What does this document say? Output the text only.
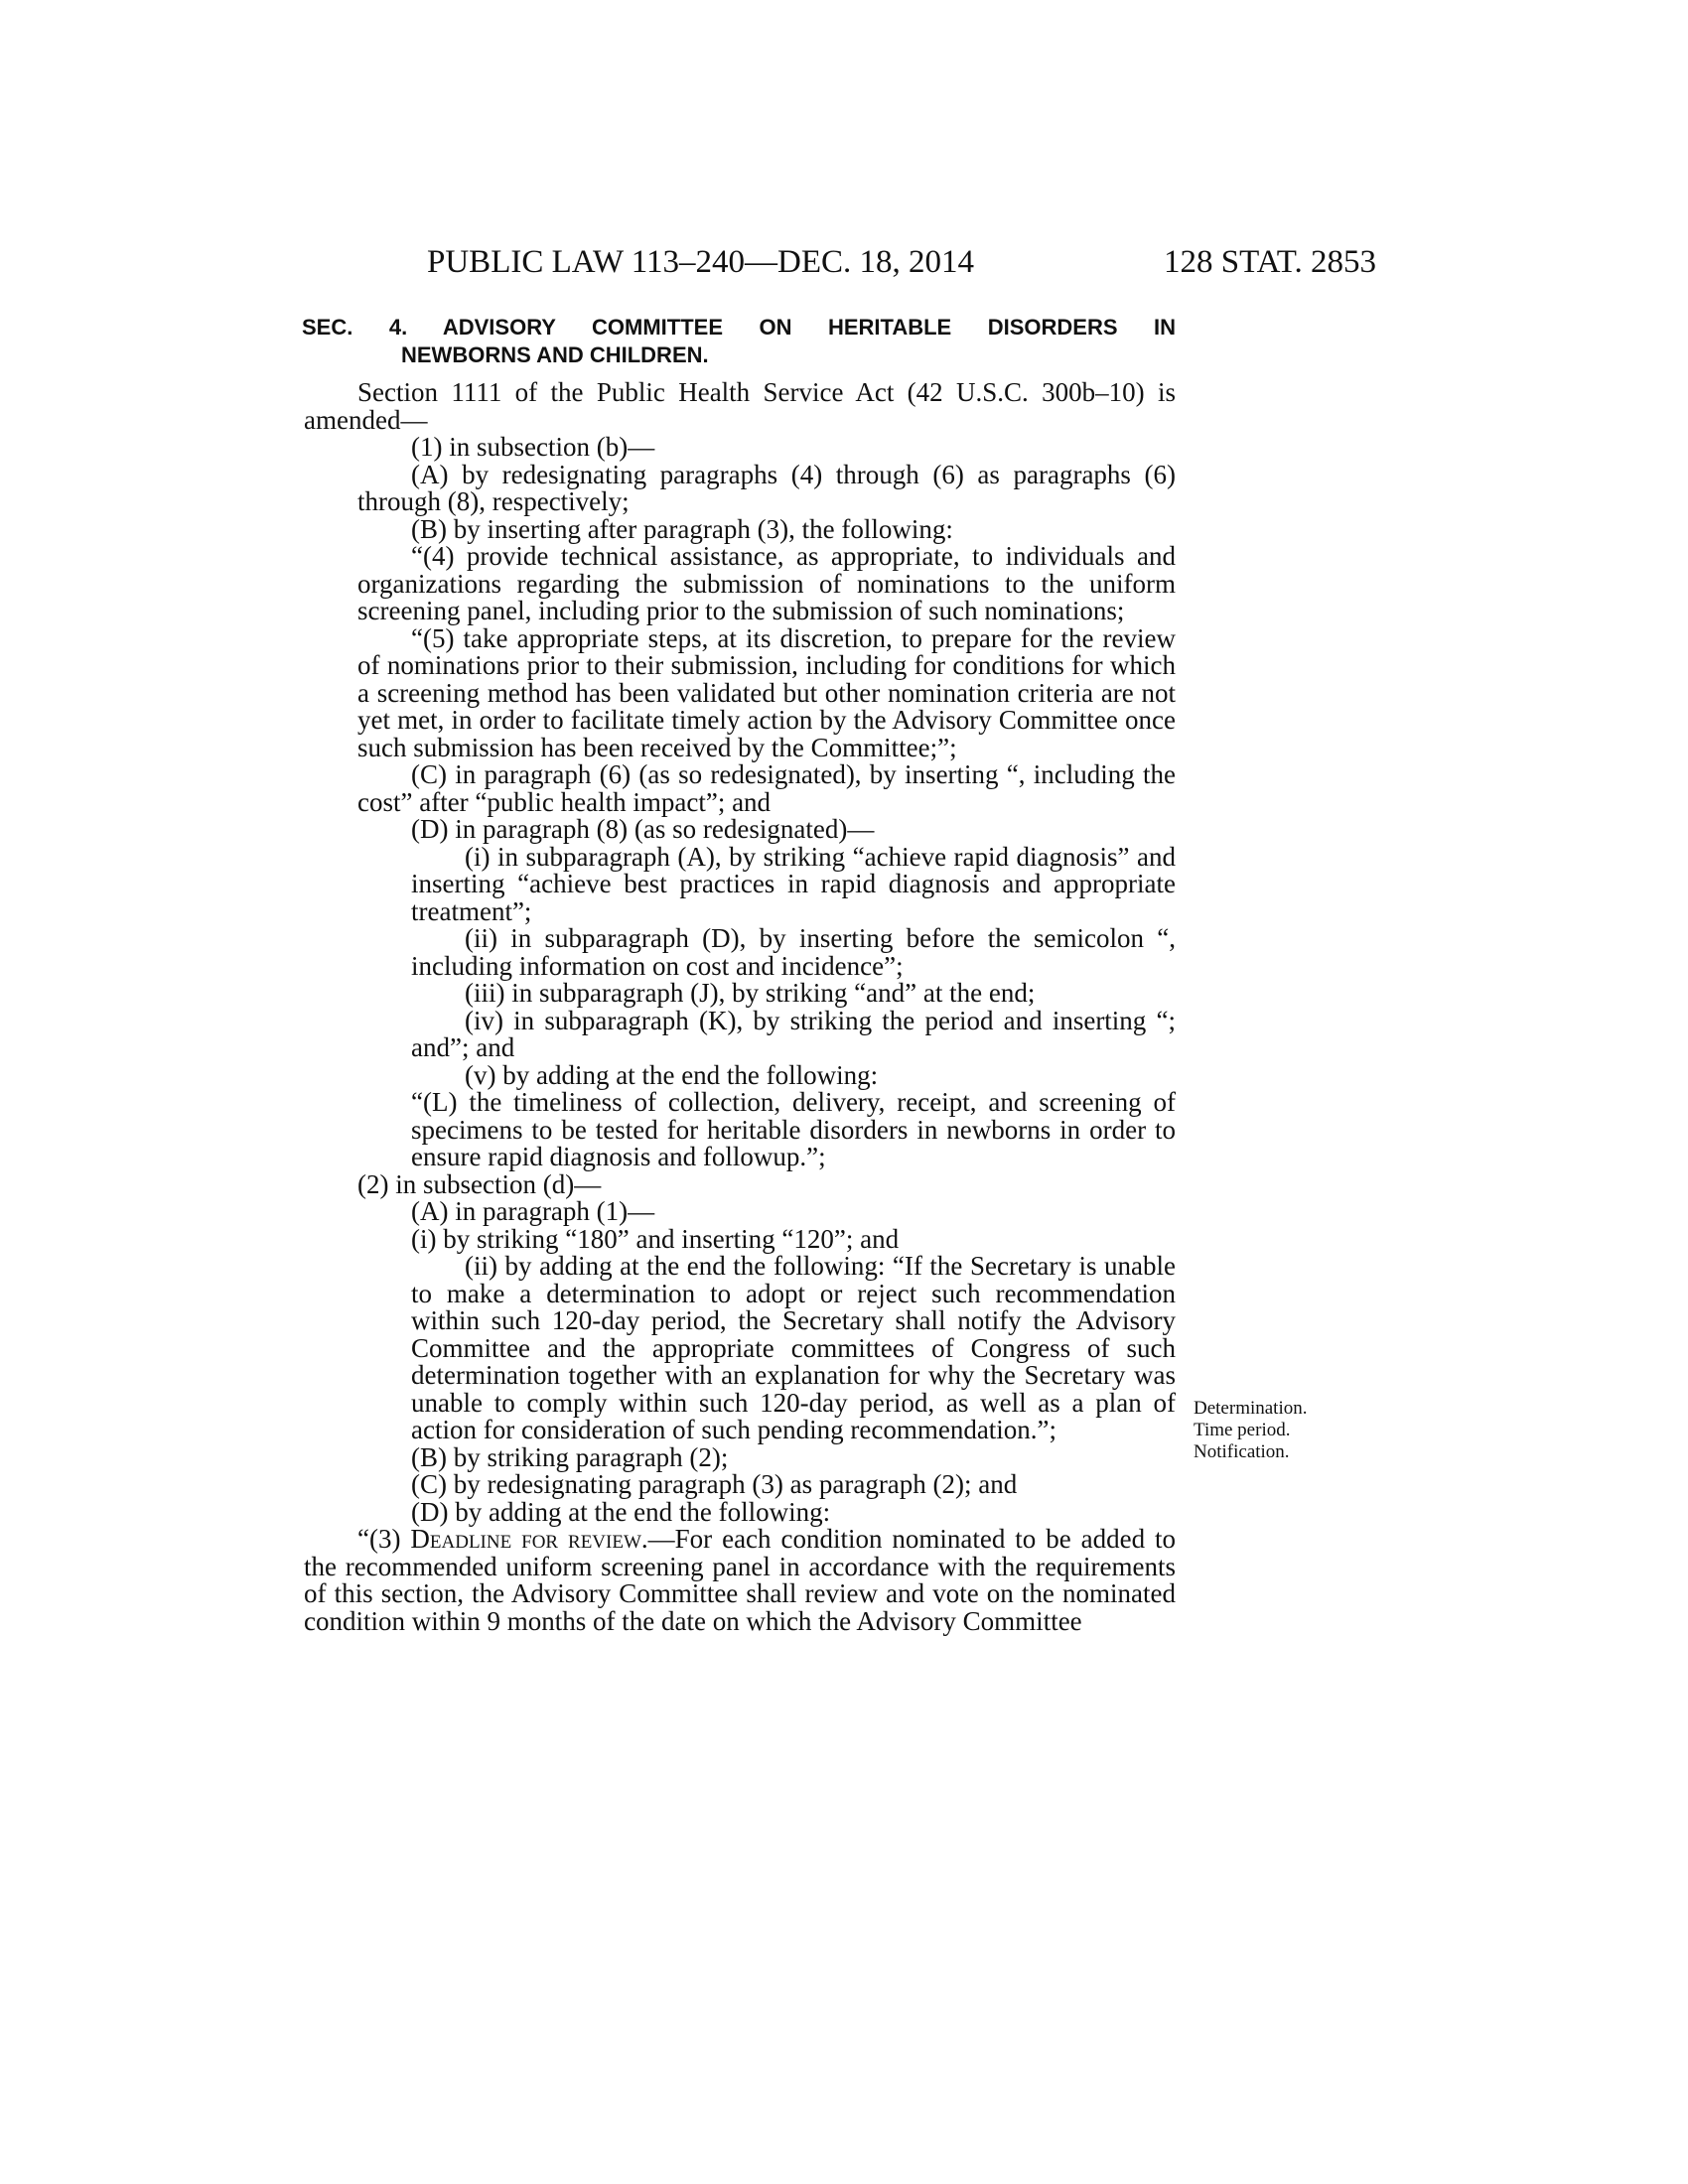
PUBLIC LAW 113–240—DEC. 18, 2014	128 STAT. 2853
SEC. 4. ADVISORY COMMITTEE ON HERITABLE DISORDERS IN
NEWBORNS AND CHILDREN.

Section 1111 of the Public Health Service Act (42 U.S.C. 300b–10) is amended—

(1) in subsection (b)—

(A) by redesignating paragraphs (4) through (6) as paragraphs (6) through (8), respectively;

(B) by inserting after paragraph (3), the following:

“(4) provide technical assistance, as appropriate, to individuals and organizations regarding the submission of nominations to the uniform screening panel, including prior to the submission of such nominations;

“(5) take appropriate steps, at its discretion, to prepare for the review of nominations prior to their submission, including for conditions for which a screening method has been validated but other nomination criteria are not yet met, in order to facilitate timely action by the Advisory Committee once such submission has been received by the Committee;”;

(C) in paragraph (6) (as so redesignated), by inserting “, including the cost” after “public health impact”; and

(D) in paragraph (8) (as so redesignated)—

(i) in subparagraph (A), by striking “achieve rapid diagnosis” and inserting “achieve best practices in rapid diagnosis and appropriate treatment”;

(ii) in subparagraph (D), by inserting before the semicolon “, including information on cost and incidence”;

(iii) in subparagraph (J), by striking “and” at the end;

(iv) in subparagraph (K), by striking the period and inserting “; and”; and

(v) by adding at the end the following:

“(L) the timeliness of collection, delivery, receipt, and screening of specimens to be tested for heritable disorders in newborns in order to ensure rapid diagnosis and followup.”;

(2) in subsection (d)—

(A) in paragraph (1)—

(i) by striking “180” and inserting “120”; and

(ii) by adding at the end the following: “If the Secretary is unable to make a determination to adopt or reject such recommendation within such 120-day period, the Secretary shall notify the Advisory Committee and the appropriate committees of Congress of such determination together with an explanation for why the Secretary was unable to comply within such 120-day period, as well as a plan of action for consideration of such pending recommendation.”;

(B) by striking paragraph (2);

(C) by redesignating paragraph (3) as paragraph (2); and

(D) by adding at the end the following:

“(3) Deadline for review.—For each condition nominated to be added to the recommended uniform screening panel in accordance with the requirements of this section, the Advisory Committee shall review and vote on the nominated condition within 9 months of the date on which the Advisory Committee

Determination.
Time period.
Notification.
